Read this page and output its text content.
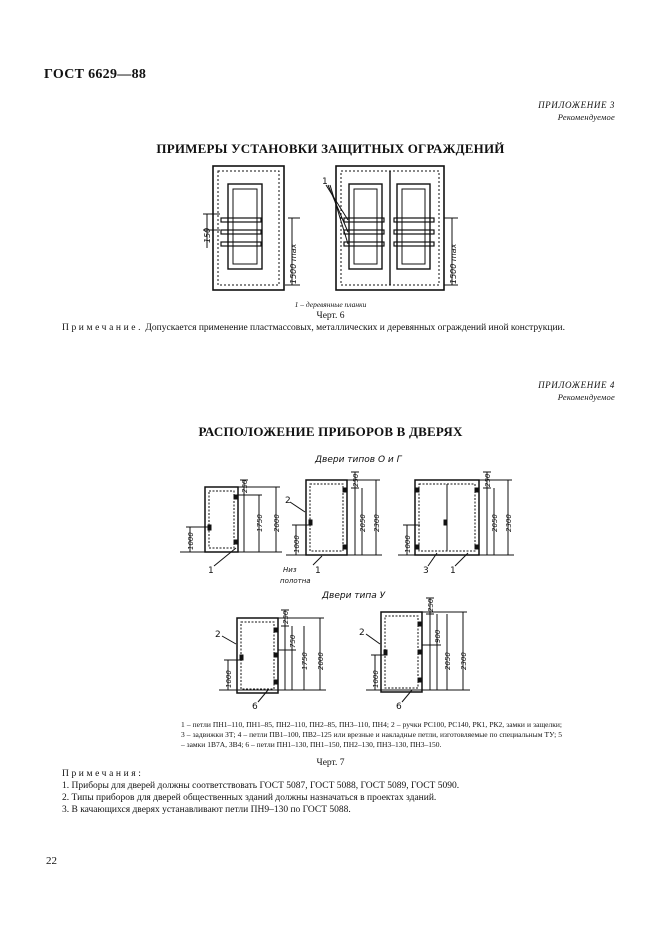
ГОСТ 6629—88
ПРИЛОЖЕНИЕ 3
Рекомендуемое
ПРИМЕРЫ УСТАНОВКИ ЗАЩИТНЫХ ОГРАЖДЕНИЙ
1
150
1500 max	1500 max
1 – деревянные планки
Черт. 6
Примечание. Допускается применение пластмассовых, металлических и деревянных ограждений иной конструкции.
ПРИЛОЖЕНИЕ 4
Рекомендуемое
РАСПОЛОЖЕНИЕ ПРИБОРОВ В ДВЕРЯХ
Двери типов О и Г
Двери типа У
250
1750 2000
1000
1
250
2050 2300
1000
2
1
Низ полотна
250
2050 2300
1000
3 1
250
750
1750 2000
1000
2
6
250
900
2050 2300
1000
2
6
1 – петли ПН1–110, ПН1–85, ПН2–110, ПН2–85, ПН3–110, ПН4; 2 – ручки РС100, РС140, РК1, РК2, замки и защелки; 3 – задвижки ЗТ; 4 – петли ПВ1–100, ПВ2–125 или врезные и накладные петли, изготовляемые по специальным ТУ; 5 – замки 1В7А, ЗВ4; 6 – петли ПН1–130, ПН1–150, ПН2–130, ПН3–130, ПН3–150.
Черт. 7
Примечания:
1. Приборы для дверей должны соответствовать ГОСТ 5087, ГОСТ 5088, ГОСТ 5089, ГОСТ 5090.
2. Типы приборов для дверей общественных зданий должны назначаться в проектах зданий.
3. В качающихся дверях устанавливают петли ПН9–130 по ГОСТ 5088.
22
